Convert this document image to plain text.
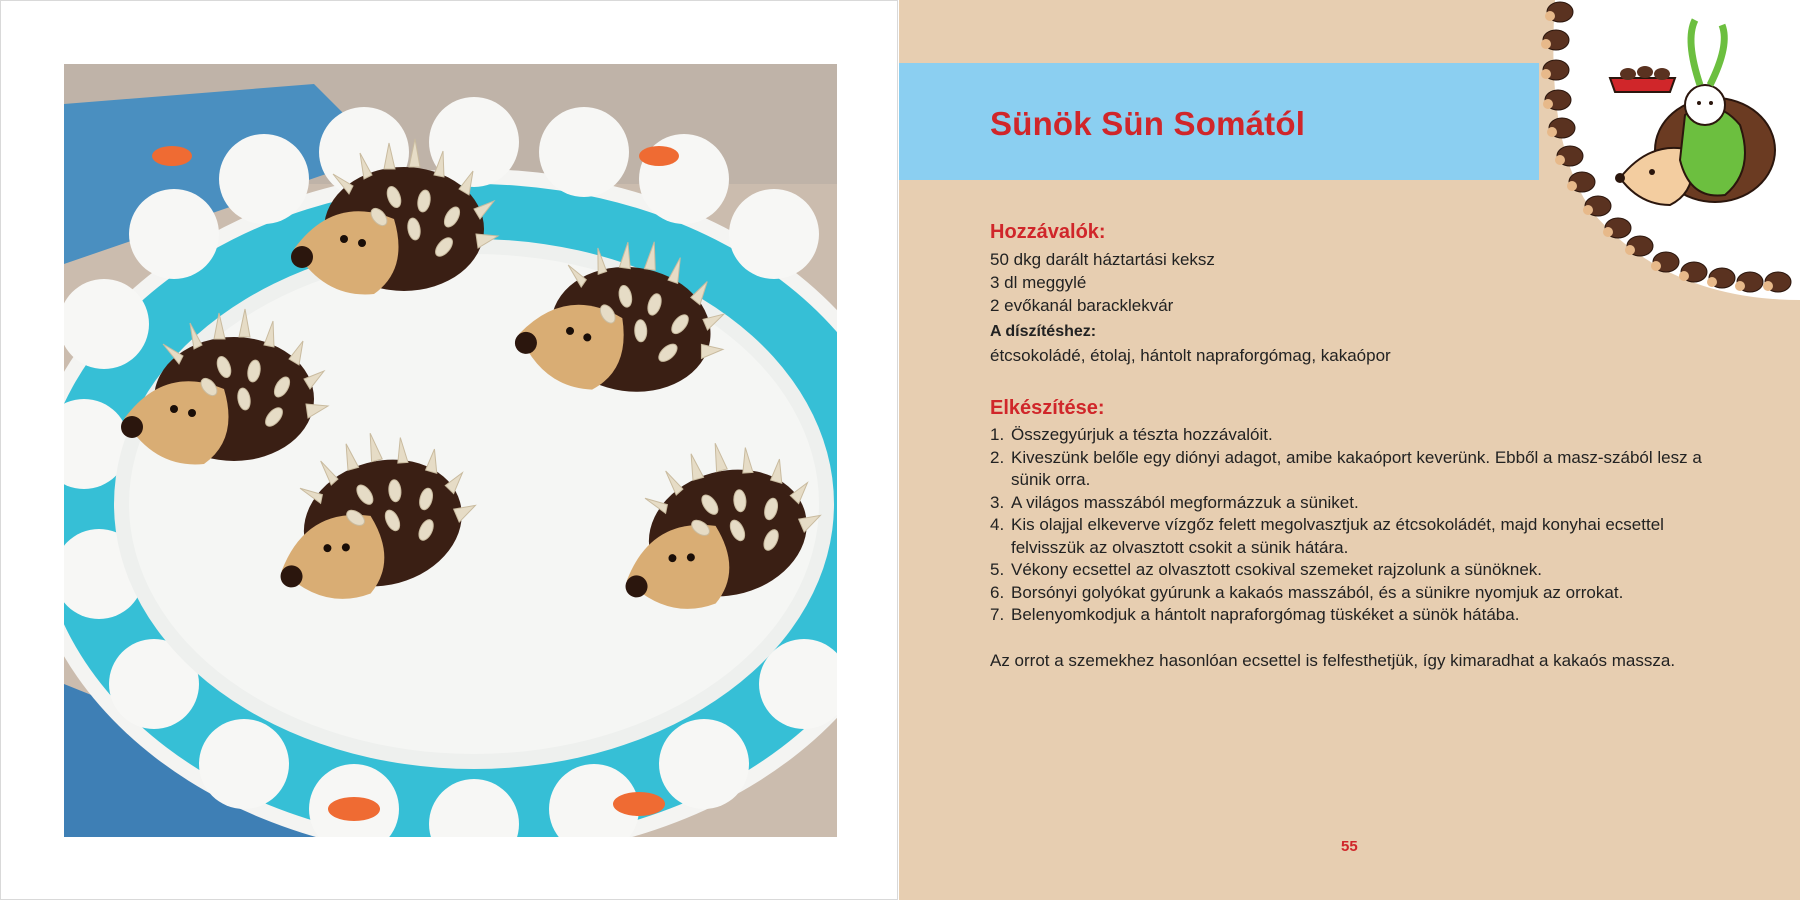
Sünök Sün Somától
Hozzávalók:

50 dkg darált háztartási keksz

3 dl meggylé

2 evőkanál baracklekvár

A díszítéshez:

étcsokoládé, étolaj, hántolt napraforgómag, kakaópor

Elkészítése:
1. Összegyúrjuk a tészta hozzávalóit.
2. Kiveszünk belőle egy diónyi adagot, amibe kakaóport keverünk. Ebből a masz-szából lesz a sünik orra.
3. A világos masszából megformázzuk a süniket.
4. Kis olajjal elkeverve vízgőz felett megolvasztjuk az étcsokoládét, majd konyhai ecsettel felvisszük az olvasztott csokit a sünik hátára.
5. Vékony ecsettel az olvasztott csokival szemeket rajzolunk a sünöknek.
6. Borsónyi golyókat gyúrunk a kakaós masszából, és a sünikre nyomjuk az orrokat.
7. Belenyomkodjuk a hántolt napraforgómag tüskéket a sünök hátába.

Az orrot a szemekhez hasonlóan ecsettel is felfesthetjük, így kimaradhat a kakaós massza.

55
